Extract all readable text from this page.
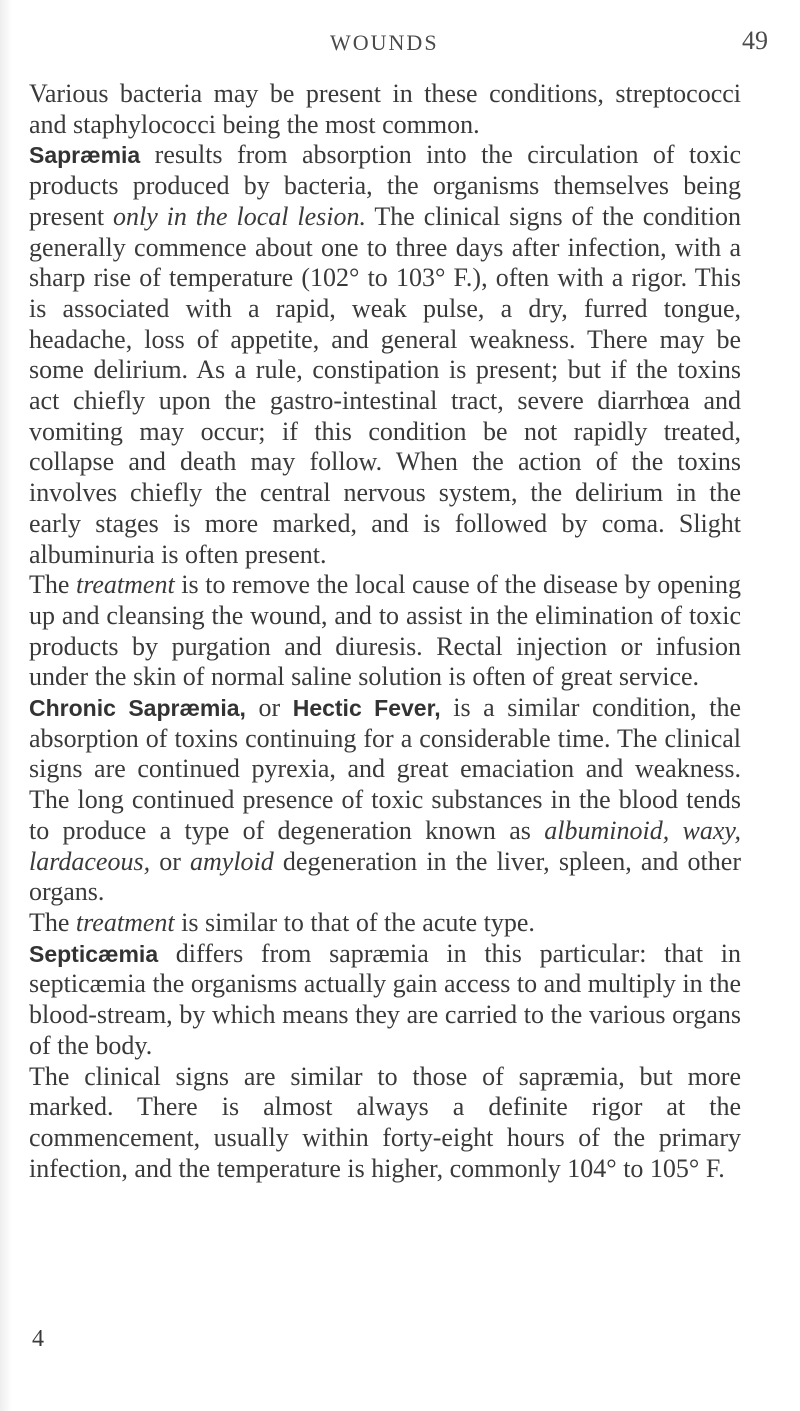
WOUNDS	49

Various bacteria may be present in these conditions, streptococci and staphylococci being the most common.

Sapræmia results from absorption into the circulation of toxic products produced by bacteria, the organisms themselves being present only in the local lesion. The clinical signs of the condition generally commence about one to three days after infection, with a sharp rise of temperature (102° to 103° F.), often with a rigor. This is associated with a rapid, weak pulse, a dry, furred tongue, headache, loss of appetite, and general weakness. There may be some delirium. As a rule, constipation is present; but if the toxins act chiefly upon the gastro-intestinal tract, severe diarrhœa and vomiting may occur; if this condition be not rapidly treated, collapse and death may follow. When the action of the toxins involves chiefly the central nervous system, the delirium in the early stages is more marked, and is followed by coma. Slight albuminuria is often present.

The treatment is to remove the local cause of the disease by opening up and cleansing the wound, and to assist in the elimination of toxic products by purgation and diuresis. Rectal injection or infusion under the skin of normal saline solution is often of great service.

Chronic Sapræmia, or Hectic Fever, is a similar condition, the absorption of toxins continuing for a considerable time. The clinical signs are continued pyrexia, and great emaciation and weakness. The long continued presence of toxic substances in the blood tends to produce a type of degeneration known as albuminoid, waxy, lardaceous, or amyloid degeneration in the liver, spleen, and other organs.

The treatment is similar to that of the acute type.

Septicæmia differs from sapræmia in this particular: that in septicæmia the organisms actually gain access to and multiply in the blood-stream, by which means they are carried to the various organs of the body.

The clinical signs are similar to those of sapræmia, but more marked. There is almost always a definite rigor at the commencement, usually within forty-eight hours of the primary infection, and the temperature is higher, commonly 104° to 105° F.

4
